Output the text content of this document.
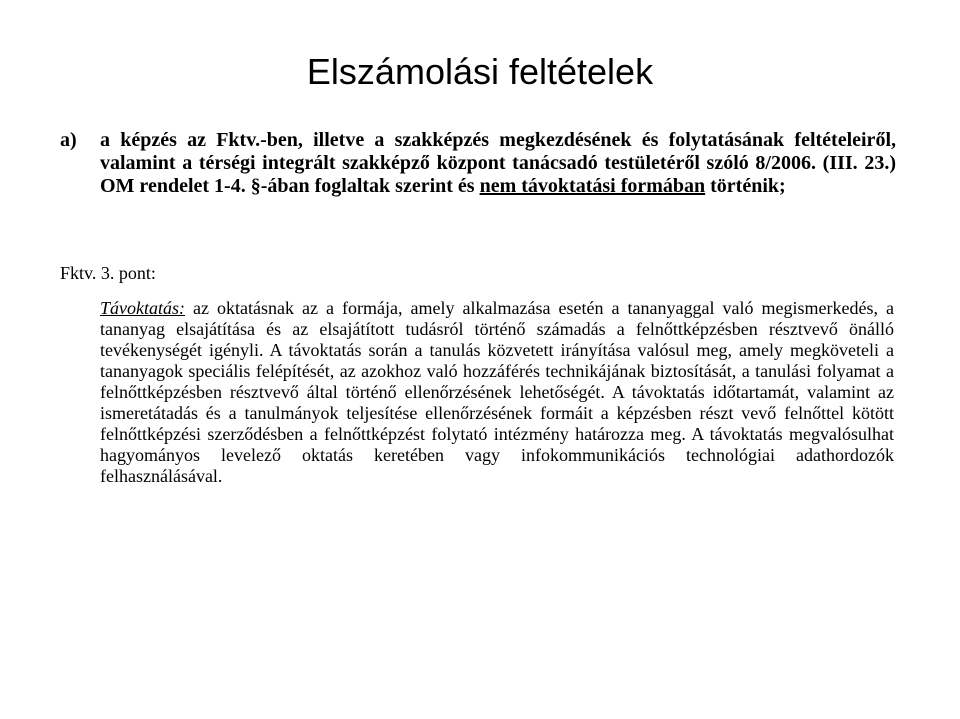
Elszámolási feltételek
a)	a képzés az Fktv.-ben, illetve a szakképzés megkezdésének és folytatásának feltételeiről, valamint a térségi integrált szakképző központ tanácsadó testületéről szóló 8/2006. (III. 23.) OM rendelet 1-4. §-ában foglaltak szerint és nem távoktatási formában történik;
Fktv. 3. pont:

Távoktatás: az oktatásnak az a formája, amely alkalmazása esetén a tananyaggal való megismerkedés, a tananyag elsajátítása és az elsajátított tudásról történő számadás a felnőttképzésben résztvevő önálló tevékenységét igényli. A távoktatás során a tanulás közvetett irányítása valósul meg, amely megköveteli a tananyagok speciális felépítését, az azokhoz való hozzáférés technikájának biztosítását, a tanulási folyamat a felnőttképzésben résztvevő által történő ellenőrzésének lehetőségét. A távoktatás időtartamát, valamint az ismeretátadás és a tanulmányok teljesítése ellenőrzésének formáit a képzésben részt vevő felnőttel kötött felnőttképzési szerződésben a felnőttképzést folytató intézmény határozza meg. A távoktatás megvalósulhat hagyományos levelező oktatás keretében vagy infokommunikációs technológiai adathordozók felhasználásával.
